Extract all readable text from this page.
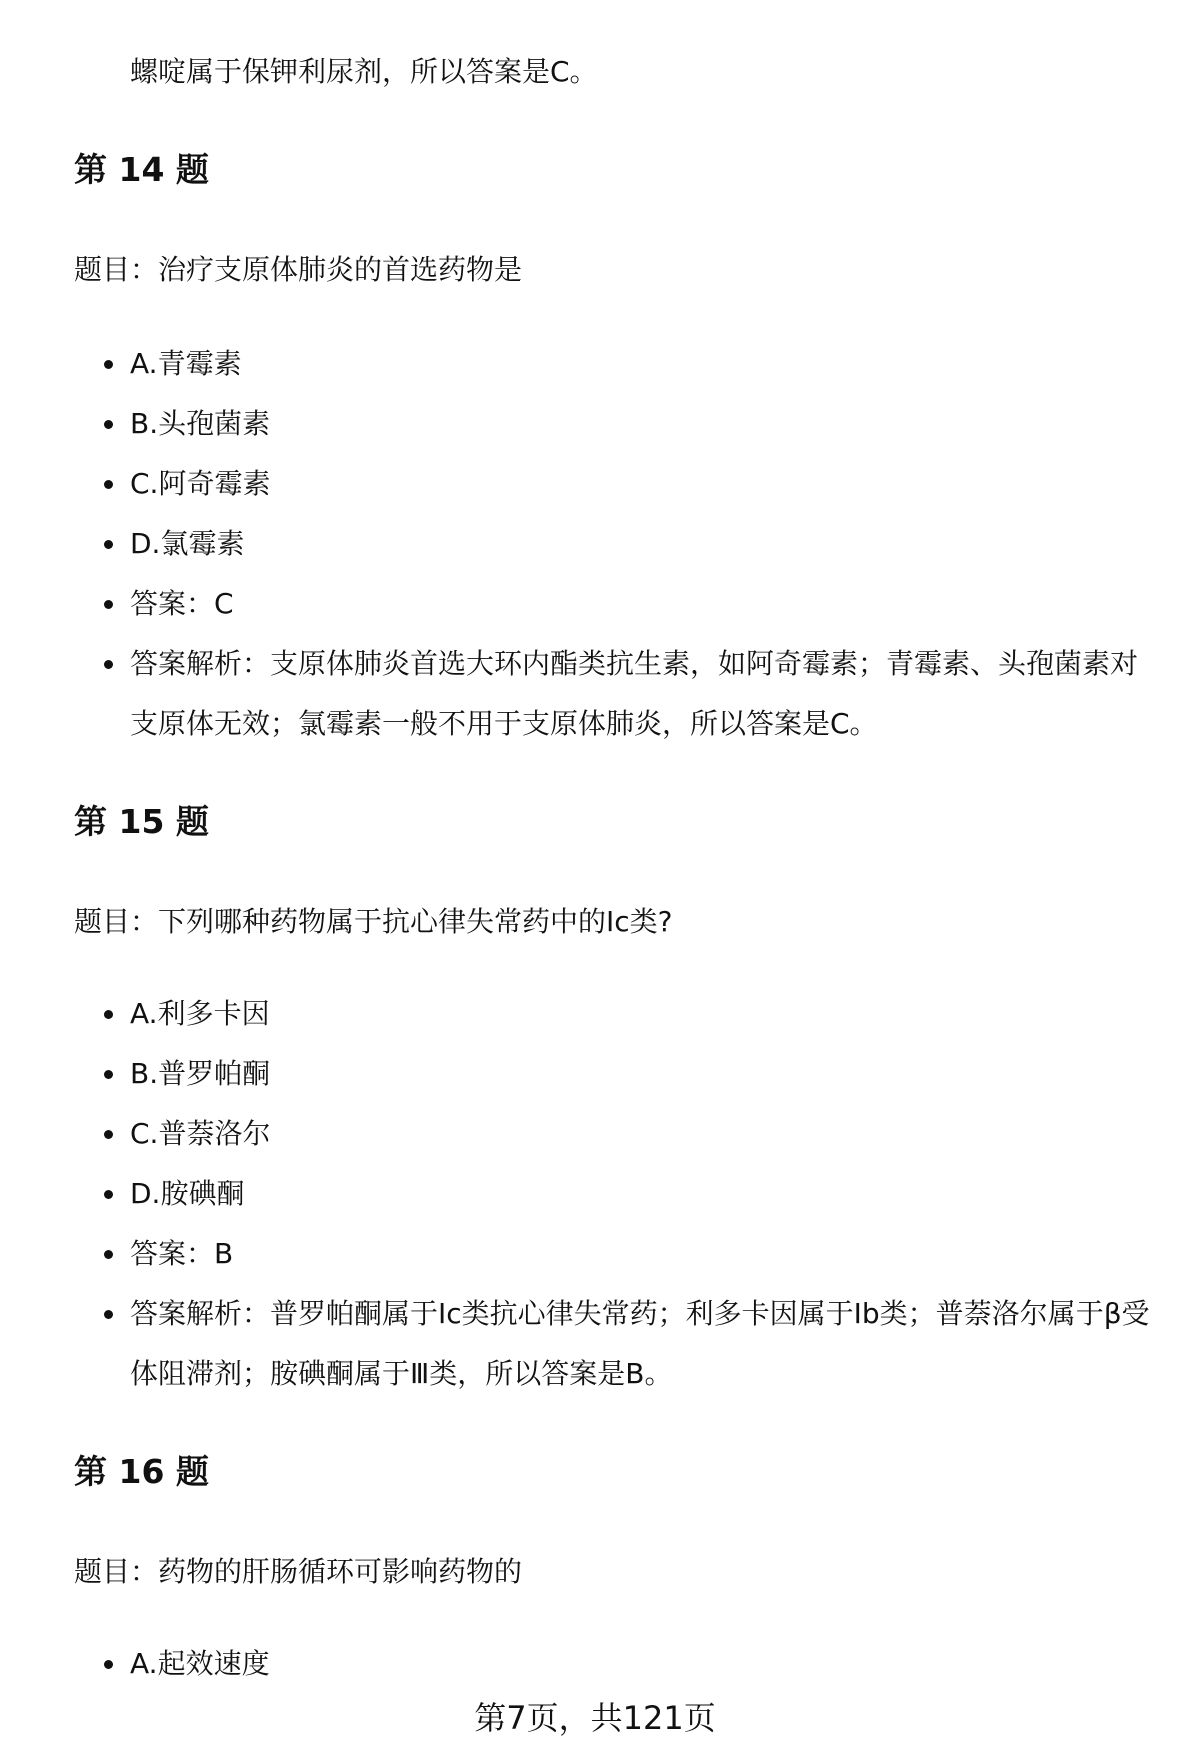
螺啶属于保钾利尿剂，所以答案是C。
第 14 题
题目：治疗支原体肺炎的首选药物是
A.青霉素
B.头孢菌素
C.阿奇霉素
D.氯霉素
答案：C
答案解析：支原体肺炎首选大环内酯类抗生素，如阿奇霉素；青霉素、头孢菌素对支原体无效；氯霉素一般不用于支原体肺炎，所以答案是C。
第 15 题
题目：下列哪种药物属于抗心律失常药中的Ⅰc类?
A.利多卡因
B.普罗帕酮
C.普萘洛尔
D.胺碘酮
答案：B
答案解析：普罗帕酮属于Ⅰc类抗心律失常药；利多卡因属于Ⅰb类；普萘洛尔属于β受体阻滞剂；胺碘酮属于Ⅲ类，所以答案是B。
第 16 题
题目：药物的肝肠循环可影响药物的
A.起效速度
第7页，共121页
